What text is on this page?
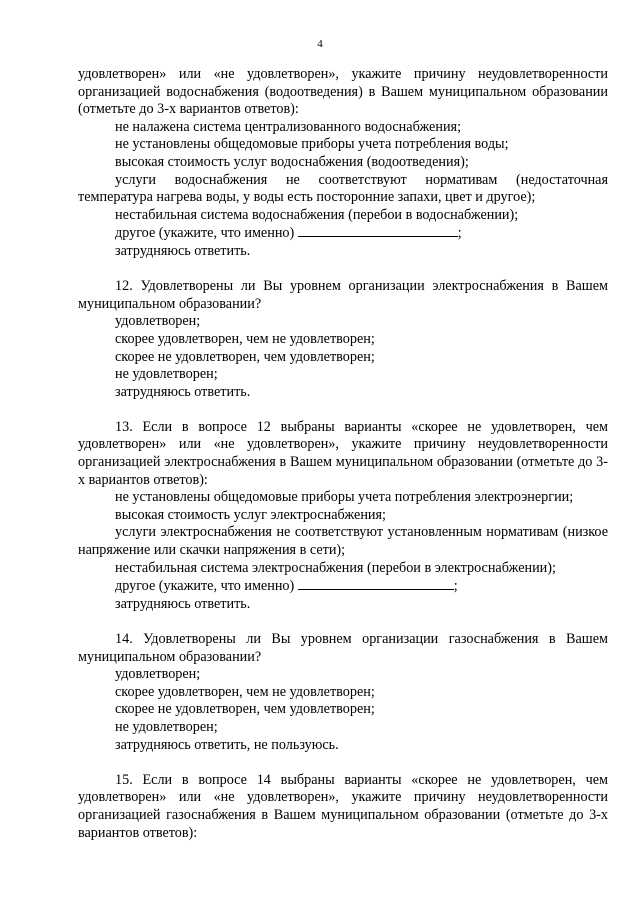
4

удовлетворен» или «не удовлетворен», укажите причину неудовлетворенности организацией водоснабжения (водоотведения) в Вашем муниципальном образовании (отметьте до 3-х вариантов ответов):

не налажена система централизованного водоснабжения;

не установлены общедомовые приборы учета потребления воды;

высокая стоимость услуг водоснабжения (водоотведения);

услуги водоснабжения не соответствуют нормативам (недостаточная температура нагрева воды, у воды есть посторонние запахи, цвет и другое);

нестабильная система водоснабжения (перебои в водоснабжении);

другое (укажите, что именно)	;

затрудняюсь ответить.

12. Удовлетворены ли Вы уровнем организации электроснабжения в Вашем муниципальном образовании?

удовлетворен;

скорее удовлетворен, чем не удовлетворен;

скорее не удовлетворен, чем удовлетворен;

не удовлетворен;

затрудняюсь ответить.

13. Если в вопросе 12 выбраны варианты «скорее не удовлетворен, чем удовлетворен» или «не удовлетворен», укажите причину неудовлетворенности организацией электроснабжения в Вашем муниципальном образовании (отметьте до 3-х вариантов ответов):

не установлены общедомовые приборы учета потребления электроэнергии;

высокая стоимость услуг электроснабжения;

услуги электроснабжения не соответствуют установленным нормативам (низкое напряжение или скачки напряжения в сети);

нестабильная система электроснабжения (перебои в электроснабжении);

другое (укажите, что именно)	;

затрудняюсь ответить.

14. Удовлетворены ли Вы уровнем организации газоснабжения в Вашем муниципальном образовании?

удовлетворен;

скорее удовлетворен, чем не удовлетворен;

скорее не удовлетворен, чем удовлетворен;

не удовлетворен;

затрудняюсь ответить, не пользуюсь.

15. Если в вопросе 14 выбраны варианты «скорее не удовлетворен, чем удовлетворен» или «не удовлетворен», укажите причину неудовлетворенности организацией газоснабжения в Вашем муниципальном образовании (отметьте до 3-х вариантов ответов):
